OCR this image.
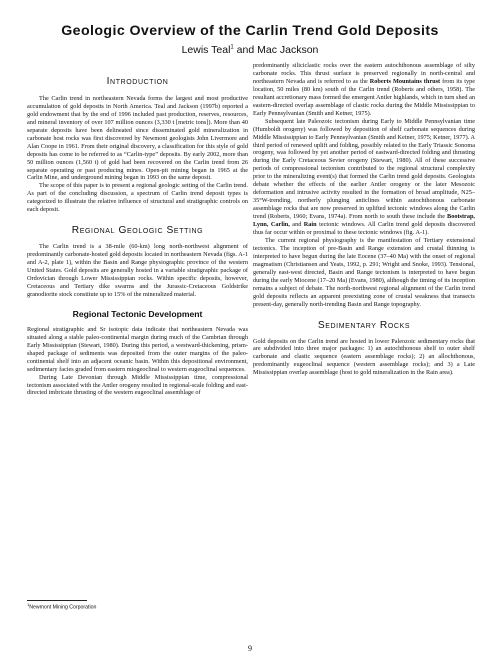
Geologic Overview of the Carlin Trend Gold Deposits
Lewis Teal$^1$ and Mac Jackson
Introduction

The Carlin trend in northeastern Nevada forms the largest and most productive accumulation of gold deposits in North America. Teal and Jackson (1997b) reported a gold endowment that by the end of 1996 included past production, reserves, resources, and mineral inventory of over 107 million ounces (3,330 t [metric tons]). More than 40 separate deposits have been delineated since disseminated gold mineralization in carbonate host rocks was first discovered by Newmont geologists John Livermore and Alan Coope in 1961. From their original discovery, a classification for this style of gold deposits has come to be referred to as “Carlin-type” deposits. By early 2002, more than 50 million ounces (1,560 t) of gold had been recovered on the Carlin trend from 26 separate operating or past producing mines. Open-pit mining began in 1965 at the Carlin Mine, and underground mining began in 1993 on the same deposit.

The scope of this paper is to present a regional geologic setting of the Carlin trend. As part of the concluding discussion, a spectrum of Carlin trend deposit types is categorized to illustrate the relative influence of structural and stratigraphic controls on each deposit.

Regional Geologic Setting

The Carlin trend is a 38-mile (60-km) long north-northwest alignment of predominantly carbonate-hosted gold deposits located in northeastern Nevada (figs. A-1 and A-2, plate 1), within the Basin and Range physiographic province of the western United States. Gold deposits are generally hosted in a variable stratigraphic package of Ordovician through Lower Mississippian rocks. Within specific deposits, however, Cretaceous and Tertiary dike swarms and the Jurassic-Cretaceous Goldstrike granodiorite stock constitute up to 15% of the mineralized material.

Regional Tectonic Development

Regional stratigraphic and Sr isotopic data indicate that northeastern Nevada was situated along a stable paleo-continental margin during much of the Cambrian through Early Mississippian (Stewart, 1980). During this period, a westward-thickening, prism-shaped package of sediments was deposited from the outer margins of the paleo-continental shelf into an adjacent oceanic basin. Within this depositional environment, sedimentary facies graded from eastern miogeoclinal to western eugeoclinal sequences.

During Late Devonian through Middle Mississippian time, compressional tectonism associated with the Antler orogeny resulted in regional-scale folding and east-directed imbricate thrusting of the western eugeoclinal assemblage of

predominantly siliciclastic rocks over the eastern autochthonous assemblage of silty carbonate rocks. This thrust surface is preserved regionally in north-central and northeastern Nevada and is referred to as the Roberts Mountains thrust from its type location, 50 miles (80 km) south of the Carlin trend (Roberts and others, 1958). The resultant accretionary mass formed the emergent Antler highlands, which in turn shed an eastern-directed overlap assemblage of clastic rocks during the Middle Mississippian to Early Pennsylvanian (Smith and Ketner, 1975).

Subsequent late Paleozoic tectonism during Early to Middle Pennsylvanian time (Humboldt orogeny) was followed by deposition of shelf carbonate sequences during Middle Mississippian to Early Pennsylvanian (Smith and Ketner, 1975; Ketner, 1977). A third period of renewed uplift and folding, possibly related to the Early Triassic Sonoma orogeny, was followed by yet another period of eastward-directed folding and thrusting during the Early Cretaceous Sevier orogeny (Stewart, 1980). All of these successive periods of compressional tectonism contributed to the regional structural complexity prior to the mineralizing event(s) that formed the Carlin trend gold deposits. Geologists debate whether the effects of the earlier Antler orogeny or the later Mesozoic deformation and intrusive activity resulted in the formation of broad amplitude, N25–35°W-trending, northerly plunging anticlines within autochthonous carbonate assemblage rocks that are now preserved in uplifted tectonic windows along the Carlin trend (Roberts, 1960; Evans, 1974a). From north to south these include the Bootstrap, Lynn, Carlin, and Rain tectonic windows. All Carlin trend gold deposits discovered thus far occur within or proximal to these tectonic windows (fig. A-1).

The current regional physiography is the manifestation of Tertiary extensional tectonics. The inception of pre-Basin and Range extension and crustal thinning is interpreted to have begun during the late Eocene (37–40 Ma) with the onset of regional magmatism (Christiansen and Yeats, 1992, p. 291; Wright and Snoke, 1993). Tensional, generally east-west directed, Basin and Range tectonism is interpreted to have begun during the early Miocene (17–20 Ma) (Evans, 1980), although the timing of its inception remains a subject of debate. The north-northwest regional alignment of the Carlin trend gold deposits reflects an apparent preexisting zone of crustal weakness that transects present-day, generally north-trending Basin and Range topography.

Sedimentary Rocks

Gold deposits on the Carlin trend are hosted in lower Paleozoic sedimentary rocks that are subdivided into three major packages: 1) an autochthonous shelf to outer shelf carbonate and clastic sequence (eastern assemblage rocks); 2) an allochthonous, predominantly eugeoclinal sequence (western assemblage rocks); and 3) a Late Mississippian overlap assemblage (host to gold mineralization in the Rain area).

$^1$Newmont Mining Corporation
9
